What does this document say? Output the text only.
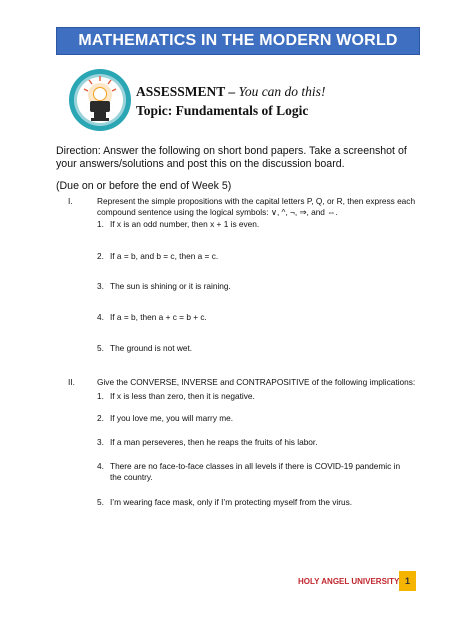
MATHEMATICS IN THE MODERN WORLD
ASSESSMENT – You can do this!
Topic: Fundamentals of Logic
Direction: Answer the following on short bond papers. Take a screenshot of your answers/solutions and post this on the discussion board.
(Due on or before the end of Week 5)
I.	Represent the simple propositions with the capital letters P, Q, or R, then express each compound sentence using the logical symbols: ∨, ^, ¬, ⇒, and ⇔.
1. If x is an odd number, then x + 1 is even.
2. If a = b, and b = c, then a = c.
3. The sun is shining or it is raining.
4. If a = b, then a + c = b + c.
5. The ground is not wet.
II.	Give the CONVERSE, INVERSE and CONTRAPOSITIVE of the following implications:
1. If x is less than zero, then it is negative.
2. If you love me, you will marry me.
3. If a man perseveres, then he reaps the fruits of his labor.
4. There are no face-to-face classes in all levels if there is COVID-19 pandemic in the country.
5. I’m wearing face mask, only if I’m protecting myself from the virus.
HOLY ANGEL UNIVERSITY 1
